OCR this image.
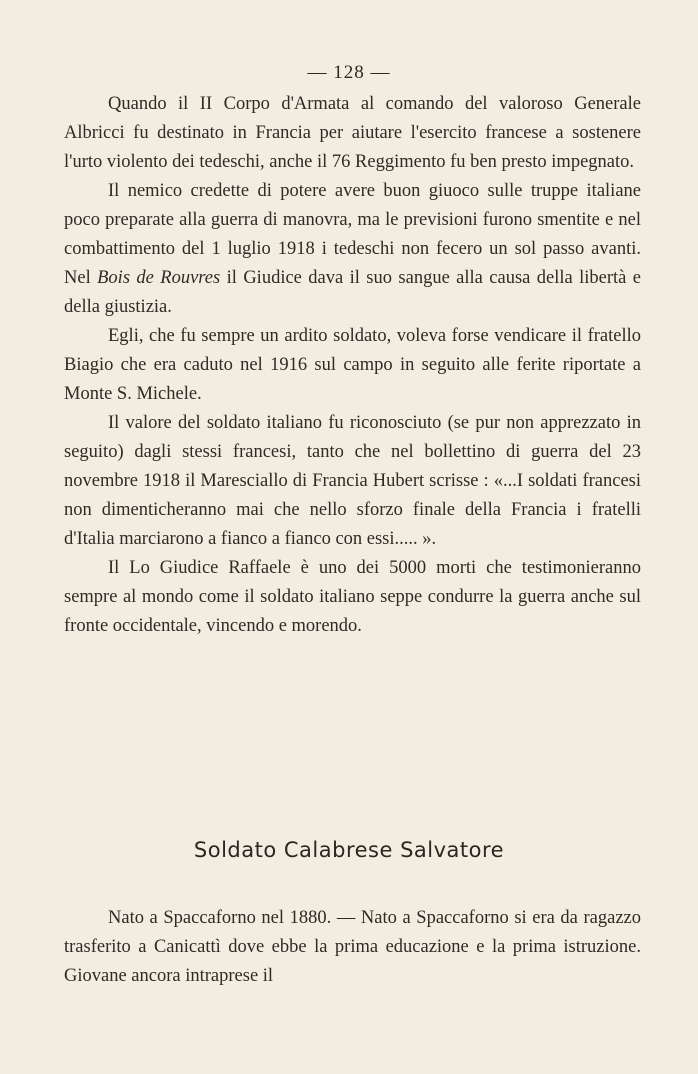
— 128 —

Quando il II Corpo d'Armata al comando del valoroso Generale Albricci fu destinato in Francia per aiutare l'esercito francese a sostenere l'urto violento dei tedeschi, anche il 76 Reggimento fu ben presto impegnato.

Il nemico credette di potere avere buon giuoco sulle truppe italiane poco preparate alla guerra di manovra, ma le previsioni furono smentite e nel combattimento del 1 luglio 1918 i tedeschi non fecero un sol passo avanti. Nel Bois de Rouvres il Giudice dava il suo sangue alla causa della libertà e della giustizia.

Egli, che fu sempre un ardito soldato, voleva forse vendicare il fratello Biagio che era caduto nel 1916 sul campo in seguito alle ferite riportate a Monte S. Michele.

Il valore del soldato italiano fu riconosciuto (se pur non apprezzato in seguito) dagli stessi francesi, tanto che nel bollettino di guerra del 23 novembre 1918 il Maresciallo di Francia Hubert scrisse : «...I soldati francesi non dimenticheranno mai che nello sforzo finale della Francia i fratelli d'Italia marciarono a fianco a fianco con essi..... ».

Il Lo Giudice Raffaele è uno dei 5000 morti che testimonieranno sempre al mondo come il soldato italiano seppe condurre la guerra anche sul fronte occidentale, vincendo e morendo.

Soldato Calabrese Salvatore

Nato a Spaccaforno nel 1880. — Nato a Spaccaforno si era da ragazzo trasferito a Canicattì dove ebbe la prima educazione e la prima istruzione. Giovane ancora intraprese il
